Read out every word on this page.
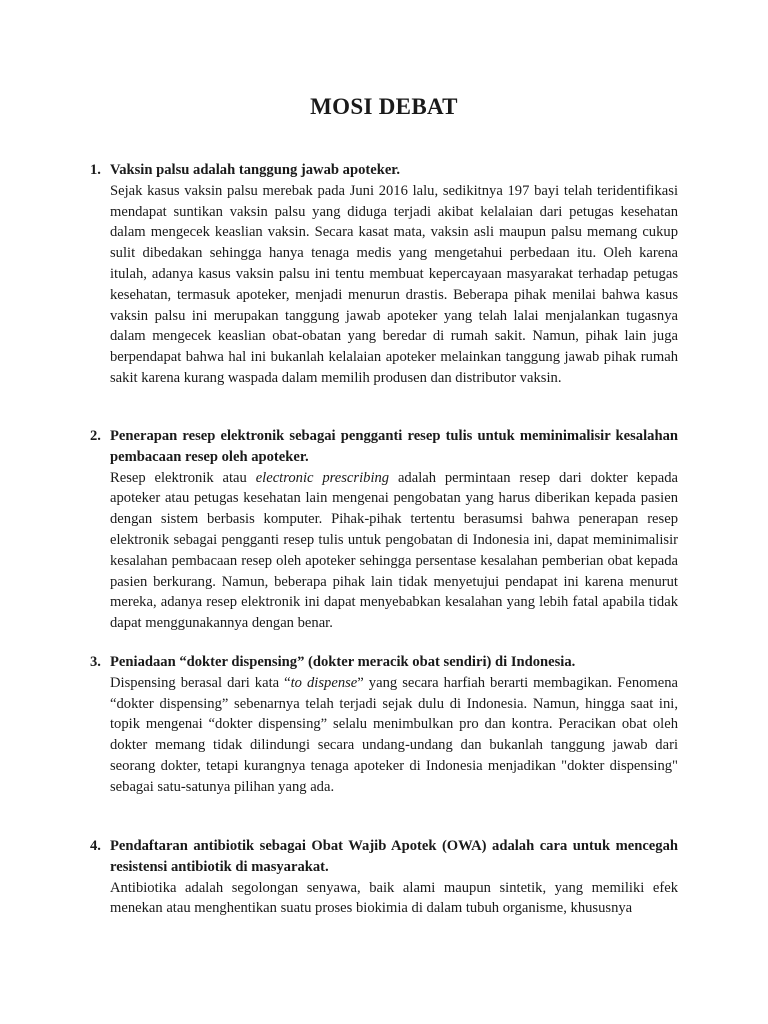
MOSI DEBAT
1. Vaksin palsu adalah tanggung jawab apoteker.

Sejak kasus vaksin palsu merebak pada Juni 2016 lalu, sedikitnya 197 bayi telah teridentifikasi mendapat suntikan vaksin palsu yang diduga terjadi akibat kelalaian dari petugas kesehatan dalam mengecek keaslian vaksin. Secara kasat mata, vaksin asli maupun palsu memang cukup sulit dibedakan sehingga hanya tenaga medis yang mengetahui perbedaan itu. Oleh karena itulah, adanya kasus vaksin palsu ini tentu membuat kepercayaan masyarakat terhadap petugas kesehatan, termasuk apoteker, menjadi menurun drastis. Beberapa pihak menilai bahwa kasus vaksin palsu ini merupakan tanggung jawab apoteker yang telah lalai menjalankan tugasnya dalam mengecek keaslian obat-obatan yang beredar di rumah sakit. Namun, pihak lain juga berpendapat bahwa hal ini bukanlah kelalaian apoteker melainkan tanggung jawab pihak rumah sakit karena kurang waspada dalam memilih produsen dan distributor vaksin.

2. Penerapan resep elektronik sebagai pengganti resep tulis untuk meminimalisir kesalahan pembacaan resep oleh apoteker.

Resep elektronik atau electronic prescribing adalah permintaan resep dari dokter kepada apoteker atau petugas kesehatan lain mengenai pengobatan yang harus diberikan kepada pasien dengan sistem berbasis komputer. Pihak-pihak tertentu berasumsi bahwa penerapan resep elektronik sebagai pengganti resep tulis untuk pengobatan di Indonesia ini, dapat meminimalisir kesalahan pembacaan resep oleh apoteker sehingga persentase kesalahan pemberian obat kepada pasien berkurang. Namun, beberapa pihak lain tidak menyetujui pendapat ini karena menurut mereka, adanya resep elektronik ini dapat menyebabkan kesalahan yang lebih fatal apabila tidak dapat menggunakannya dengan benar.

3. Peniadaan “dokter dispensing” (dokter meracik obat sendiri) di Indonesia.

Dispensing berasal dari kata “to dispense” yang secara harfiah berarti membagikan. Fenomena “dokter dispensing” sebenarnya telah terjadi sejak dulu di Indonesia. Namun, hingga saat ini, topik mengenai “dokter dispensing” selalu menimbulkan pro dan kontra. Peracikan obat oleh dokter memang tidak dilindungi secara undang-undang dan bukanlah tanggung jawab dari seorang dokter, tetapi kurangnya tenaga apoteker di Indonesia menjadikan "dokter dispensing" sebagai satu-satunya pilihan yang ada.

4. Pendaftaran antibiotik sebagai Obat Wajib Apotek (OWA) adalah cara untuk mencegah resistensi antibiotik di masyarakat.

Antibiotika adalah segolongan senyawa, baik alami maupun sintetik, yang memiliki efek menekan atau menghentikan suatu proses biokimia di dalam tubuh organisme, khususnya
